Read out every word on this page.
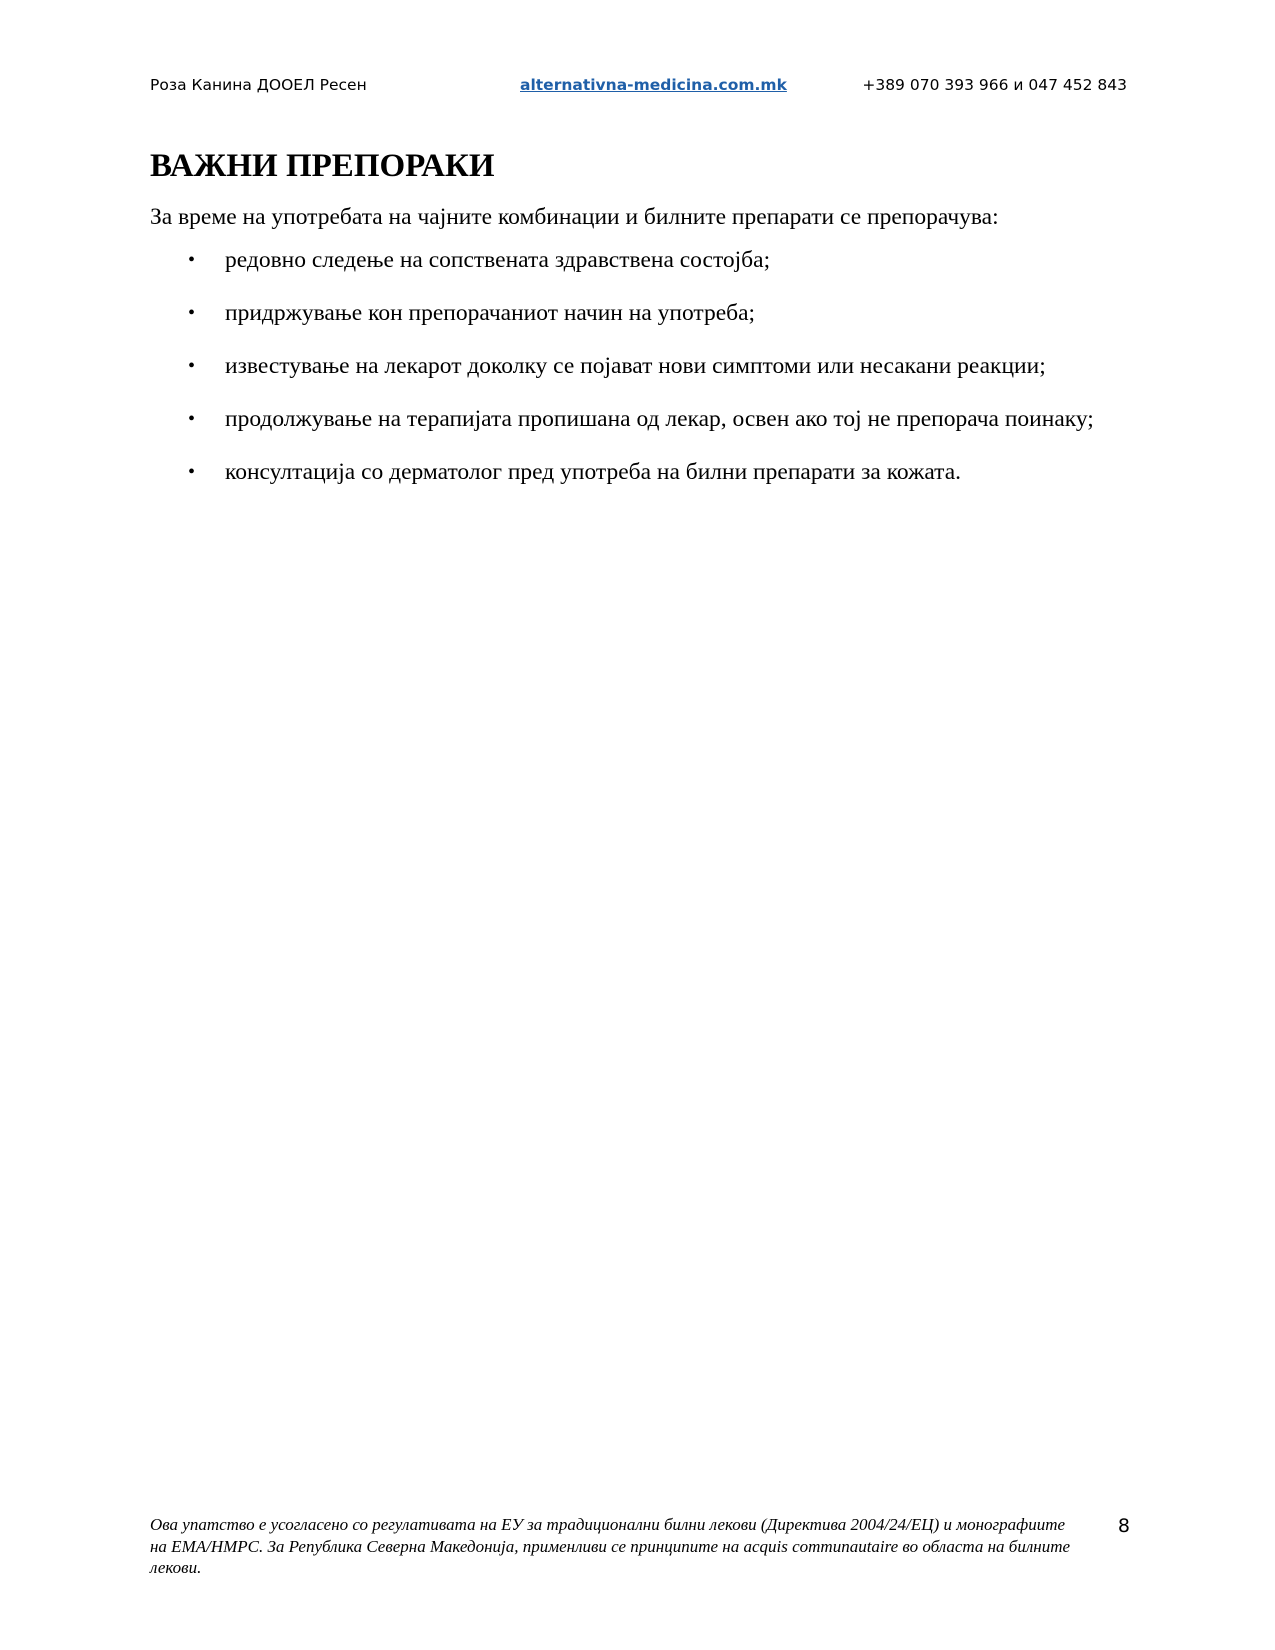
Роза Канина ДООЕЛ Ресен	alternativna-medicina.com.mk	+389 070 393 966 и 047 452 843
ВАЖНИ ПРЕПОРАКИ

За време на употребата на чајните комбинации и билните препарати се препорачува:

• редовно следење на сопствената здравствена состојба;
• придржување кон препорачаниот начин на употреба;
• известување на лекарот доколку се појават нови симптоми или несакани реакции;
• продолжување на терапијата пропишана од лекар, освен ако тој не препорача поинаку;
• консултација со дерматолог пред употреба на билни препарати за кожата.

Ова упатство е усогласено со регулативата на ЕУ за традиционални билни лекови (Директива 2004/24/ЕЦ) и монографиите на ЕМА/HMPC. За Република Северна Македонија, применливи се принципите на acquis communautaire во областа на билните лекови.

8
